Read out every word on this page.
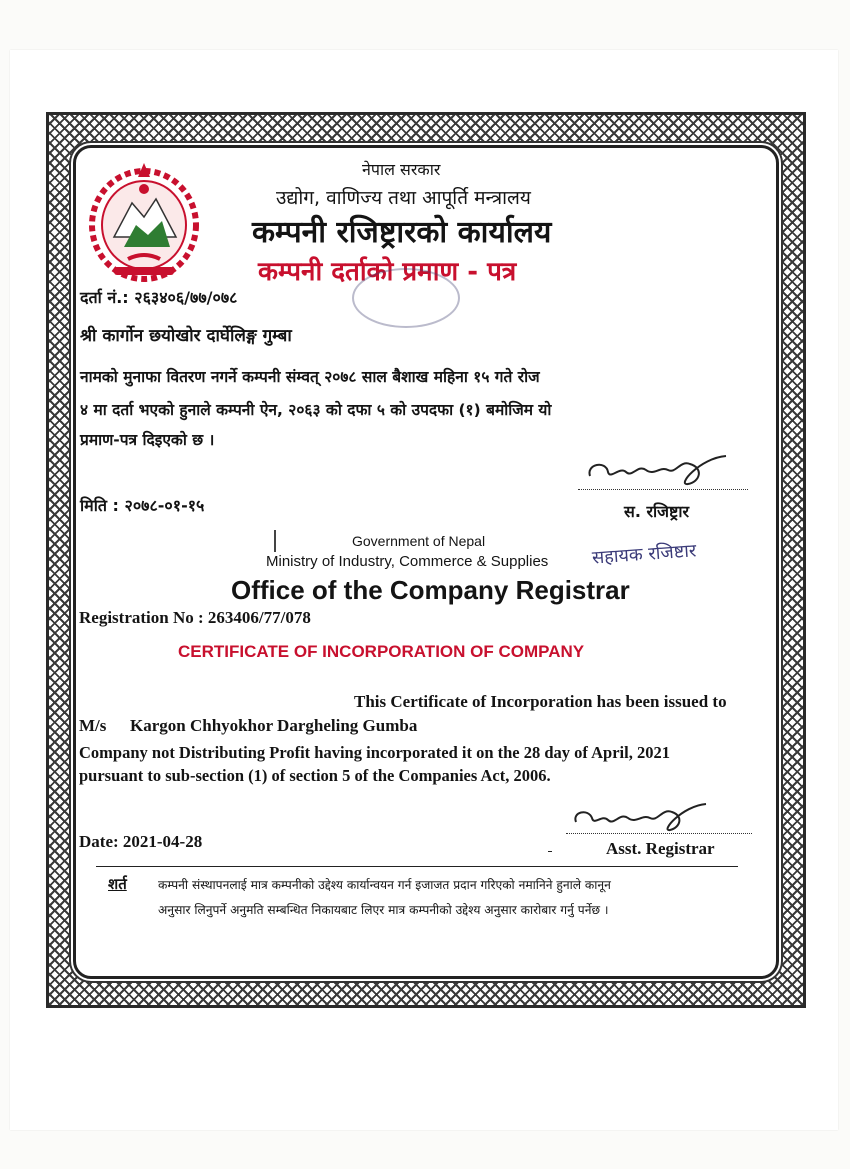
नेपाल सरकार
उद्योग, वाणिज्य तथा आपूर्ति मन्त्रालय
कम्पनी रजिष्ट्रारको कार्यालय
कम्पनी दर्ताको प्रमाण - पत्र
दर्ता नं.: २६३४०६/७७/०७८
श्री कार्गोन छयोखोर दार्घेलिङ्ग गुम्बा
नामको मुनाफा वितरण नगर्ने कम्पनी संम्वत् २०७८ साल बैशाख महिना १५ गते रोज
४ मा दर्ता भएको हुनाले कम्पनी ऐन, २०६३ को दफा ५ को उपदफा (१) बमोजिम यो
प्रमाण-पत्र दिइएको छ ।
मिति : २०७८-०१-१५	स. रजिष्ट्रार
Government of Nepal
Ministry of Industry, Commerce & Supplies सहायक रजिष्टार
Office of the Company Registrar
Registration No : 263406/77/078
CERTIFICATE OF INCORPORATION OF COMPANY
This Certificate of Incorporation has been issued to
M/s Kargon Chhyokhor Dargheling Gumba
Company not Distributing Profit having incorporated it on the 28 day of April, 2021
pursuant to sub-section (1) of section 5 of the Companies Act, 2006.
Date: 2021-04-28	Asst. Registrar
शर्त	कम्पनी संस्थापनलाई मात्र कम्पनीको उद्देश्य कार्यान्वयन गर्न इजाजत प्रदान गरिएको नमानिने हुनाले कानून
अनुसार लिनुपर्ने अनुमति सम्बन्धित निकायबाट लिएर मात्र कम्पनीको उद्देश्य अनुसार कारोबार गर्नु पर्नेछ ।
